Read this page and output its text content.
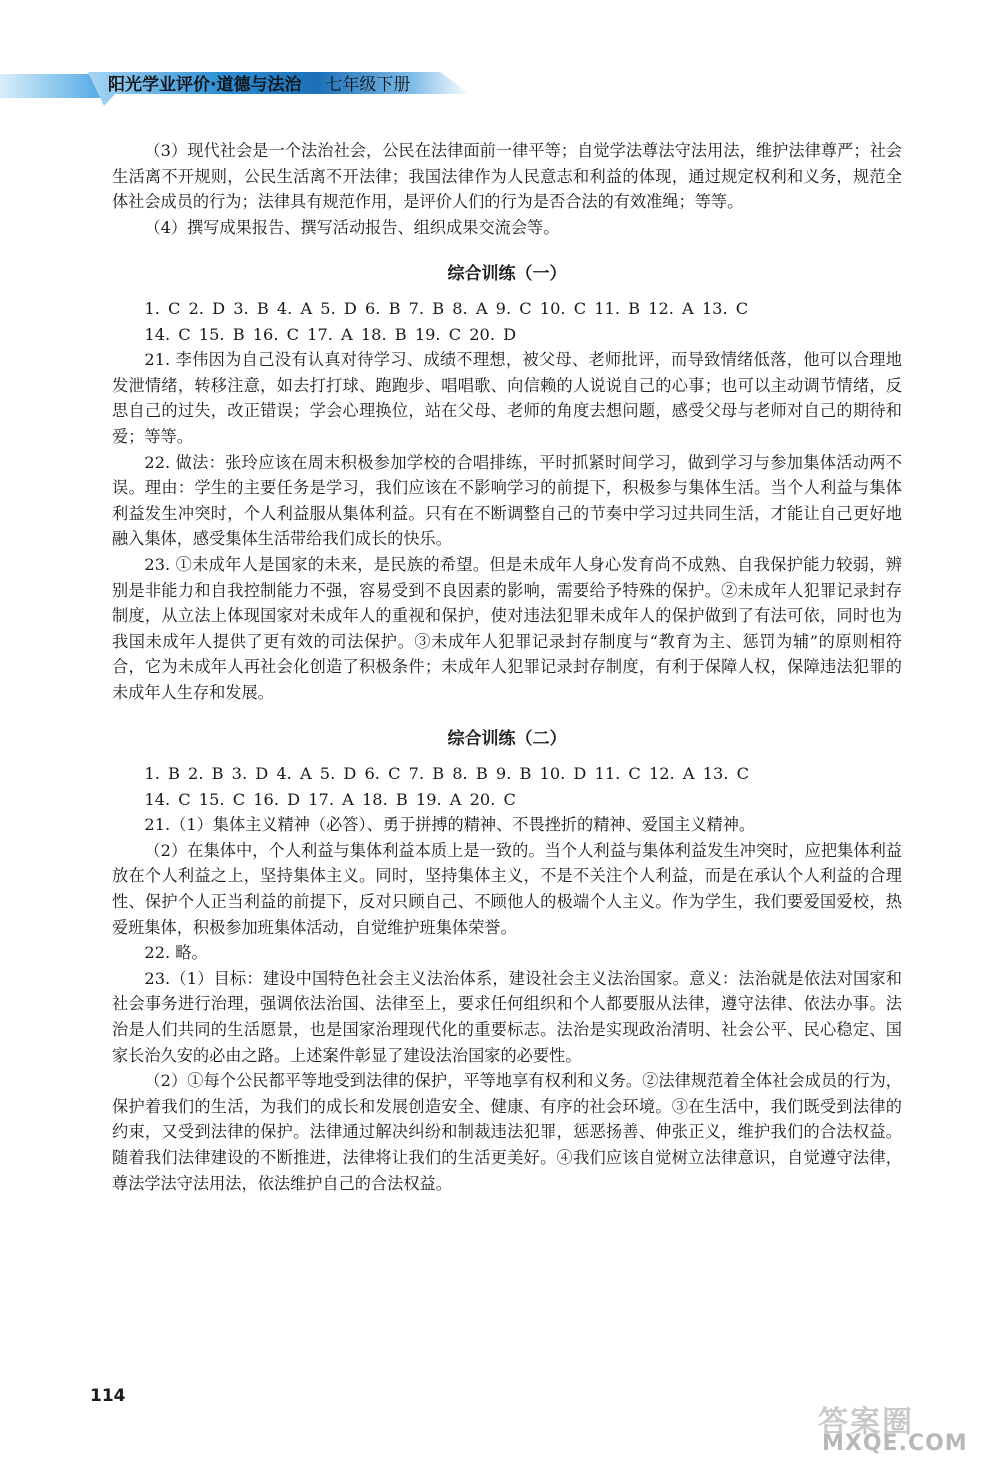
阳光学业评价·道德与法治 七年级下册

（3）现代社会是一个法治社会，公民在法律面前一律平等；自觉学法尊法守法用法，维护法律尊严；社会生活离不开规则，公民生活离不开法律；我国法律作为人民意志和利益的体现，通过规定权利和义务，规范全体社会成员的行为；法律具有规范作用，是评价人们的行为是否合法的有效准绳；等等。

（4）撰写成果报告、撰写活动报告、组织成果交流会等。

综合训练（一）

1. C 2. D 3. B 4. A 5. D 6. B 7. B 8. A 9. C 10. C 11. B 12. A 13. C

14. C 15. B 16. C 17. A 18. B 19. C 20. D

21. 李伟因为自己没有认真对待学习、成绩不理想，被父母、老师批评，而导致情绪低落，他可以合理地发泄情绪，转移注意，如去打打球、跑跑步、唱唱歌、向信赖的人说说自己的心事；也可以主动调节情绪，反思自己的过失，改正错误；学会心理换位，站在父母、老师的角度去想问题，感受父母与老师对自己的期待和爱；等等。

22. 做法：张玲应该在周末积极参加学校的合唱排练，平时抓紧时间学习，做到学习与参加集体活动两不误。理由：学生的主要任务是学习，我们应该在不影响学习的前提下，积极参与集体生活。当个人利益与集体利益发生冲突时，个人利益服从集体利益。只有在不断调整自己的节奏中学习过共同生活，才能让自己更好地融入集体，感受集体生活带给我们成长的快乐。

23. ①未成年人是国家的未来，是民族的希望。但是未成年人身心发育尚不成熟、自我保护能力较弱，辨别是非能力和自我控制能力不强，容易受到不良因素的影响，需要给予特殊的保护。②未成年人犯罪记录封存制度，从立法上体现国家对未成年人的重视和保护，使对违法犯罪未成年人的保护做到了有法可依，同时也为我国未成年人提供了更有效的司法保护。③未成年人犯罪记录封存制度与“教育为主、惩罚为辅”的原则相符合，它为未成年人再社会化创造了积极条件；未成年人犯罪记录封存制度，有利于保障人权，保障违法犯罪的未成年人生存和发展。

综合训练（二）

1. B 2. B 3. D 4. A 5. D 6. C 7. B 8. B 9. B 10. D 11. C 12. A 13. C

14. C 15. C 16. D 17. A 18. B 19. A 20. C

21.（1）集体主义精神（必答）、勇于拼搏的精神、不畏挫折的精神、爱国主义精神。

（2）在集体中，个人利益与集体利益本质上是一致的。当个人利益与集体利益发生冲突时，应把集体利益放在个人利益之上，坚持集体主义。同时，坚持集体主义，不是不关注个人利益，而是在承认个人利益的合理性、保护个人正当利益的前提下，反对只顾自己、不顾他人的极端个人主义。作为学生，我们要爱国爱校，热爱班集体，积极参加班集体活动，自觉维护班集体荣誉。

22. 略。

23.（1）目标：建设中国特色社会主义法治体系，建设社会主义法治国家。意义：法治就是依法对国家和社会事务进行治理，强调依法治国、法律至上，要求任何组织和个人都要服从法律，遵守法律、依法办事。法治是人们共同的生活愿景，也是国家治理现代化的重要标志。法治是实现政治清明、社会公平、民心稳定、国家长治久安的必由之路。上述案件彰显了建设法治国家的必要性。

（2）①每个公民都平等地受到法律的保护，平等地享有权利和义务。②法律规范着全体社会成员的行为，保护着我们的生活，为我们的成长和发展创造安全、健康、有序的社会环境。③在生活中，我们既受到法律的约束，又受到法律的保护。法律通过解决纠纷和制裁违法犯罪，惩恶扬善、伸张正义，维护我们的合法权益。随着我们法律建设的不断推进，法律将让我们的生活更美好。④我们应该自觉树立法律意识，自觉遵守法律，尊法学法守法用法，依法维护自己的合法权益。

114
答案圈
MXQE.COM
